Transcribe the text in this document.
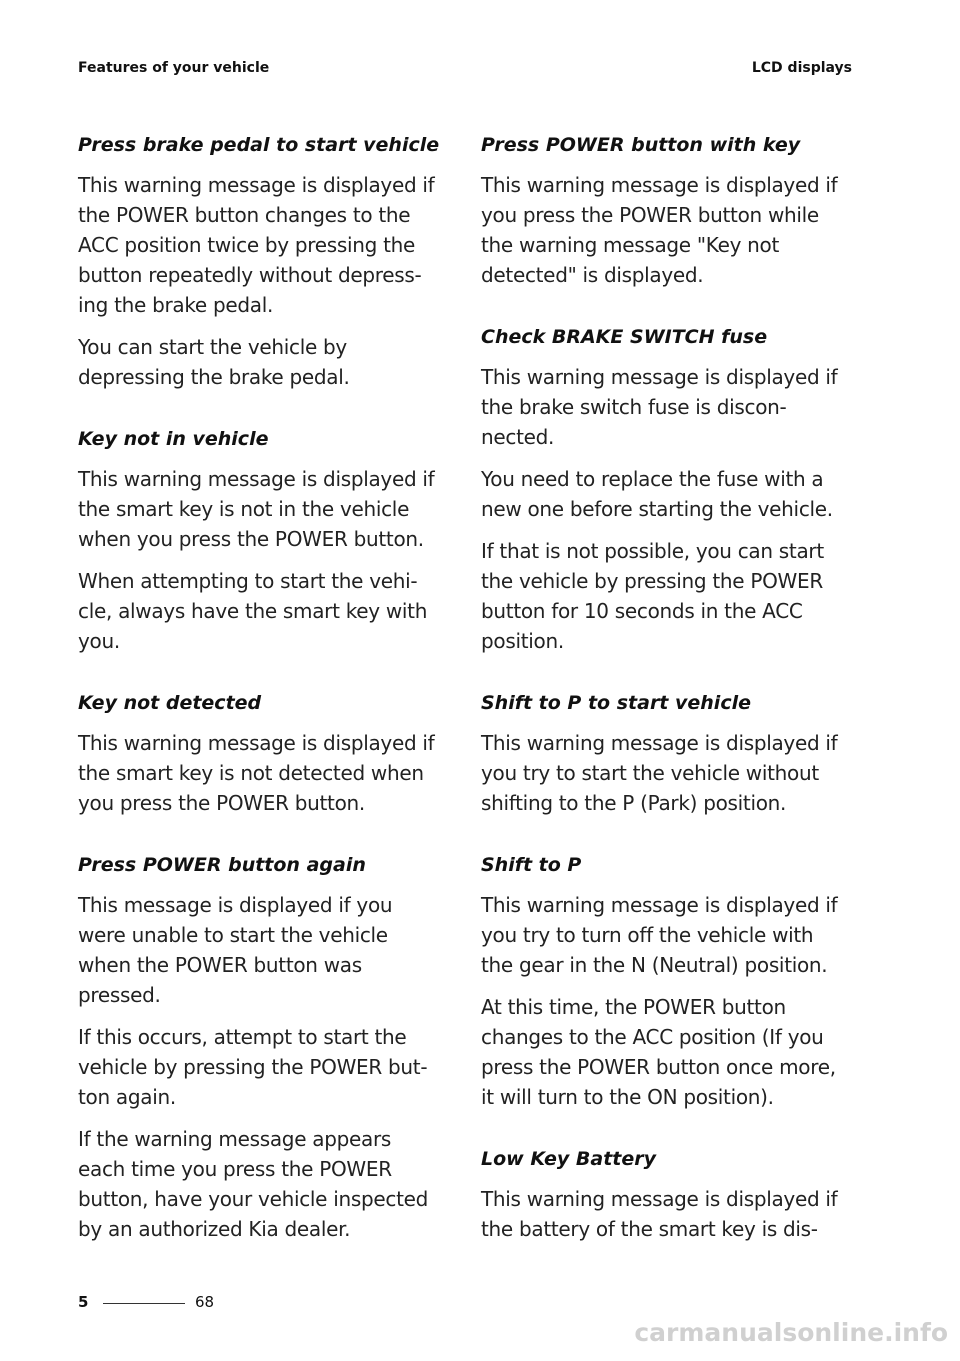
Features of your vehicle	LCD displays
Press brake pedal to start vehicle

This warning message is displayed if
the POWER button changes to the
ACC position twice by pressing the
button repeatedly without depress-
ing the brake pedal.

You can start the vehicle by
depressing the brake pedal.

Key not in vehicle

This warning message is displayed if
the smart key is not in the vehicle
when you press the POWER button.

When attempting to start the vehi-
cle, always have the smart key with
you.

Key not detected

This warning message is displayed if
the smart key is not detected when
you press the POWER button.

Press POWER button again

This message is displayed if you
were unable to start the vehicle
when the POWER button was
pressed.

If this occurs, attempt to start the
vehicle by pressing the POWER but-
ton again.

If the warning message appears
each time you press the POWER
button, have your vehicle inspected
by an authorized Kia dealer.

Press POWER button with key

This warning message is displayed if
you press the POWER button while
the warning message "Key not
detected" is displayed.

Check BRAKE SWITCH fuse

This warning message is displayed if
the brake switch fuse is discon-
nected.

You need to replace the fuse with a
new one before starting the vehicle.

If that is not possible, you can start
the vehicle by pressing the POWER
button for 10 seconds in the ACC
position.

Shift to P to start vehicle

This warning message is displayed if
you try to start the vehicle without
shifting to the P (Park) position.

Shift to P

This warning message is displayed if
you try to turn off the vehicle with
the gear in the N (Neutral) position.

At this time, the POWER button
changes to the ACC position (If you
press the POWER button once more,
it will turn to the ON position).

Low Key Battery

This warning message is displayed if
the battery of the smart key is dis-

5	68
carmanualsonline.info
